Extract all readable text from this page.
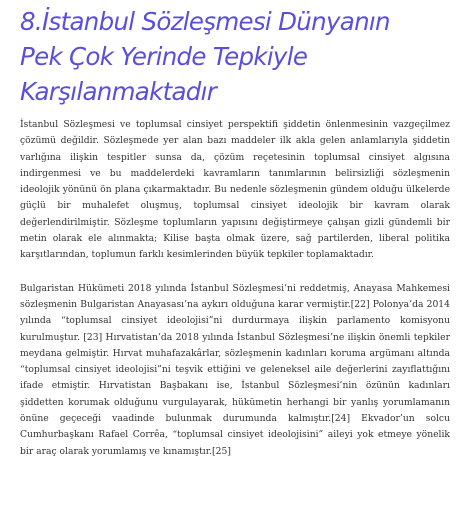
8.İstanbul Sözleşmesi Dünyanın
Pek Çok Yerinde Tepkiyle
Karşılanmaktadır

İstanbul Sözleşmesi ve toplumsal cinsiyet perspektifi şiddetin önlenmesinin vazgeçilmez çözümü değildir. Sözleşmede yer alan bazı maddeler ilk akla gelen anlamlarıyla şiddetin varlığına ilişkin tespitler sunsa da, çözüm reçetesinin toplumsal cinsiyet algısına indirgenmesi ve bu maddelerdeki kavramların tanımlarının belirsizliği sözleşmenin ideolojik yönünü ön plana çıkarmaktadır. Bu nedenle sözleşmenin gündem olduğu ülkelerde güçlü bir muhalefet oluşmuş, toplumsal cinsiyet ideolojik bir kavram olarak değerlendirilmiştir. Sözleşme toplumların yapısını değiştirmeye çalışan gizli gündemli bir metin olarak ele alınmakta; Kilise başta olmak üzere, sağ partilerden, liberal politika karşıtlarından, toplumun farklı kesimlerinden büyük tepkiler toplamaktadır.

Bulgaristan Hükümeti 2018 yılında İstanbul Sözleşmesi’ni reddetmiş, Anayasa Mahkemesi sözleşmenin Bulgaristan Anayasası’na aykırı olduğuna karar vermiştir.[22] Polonya’da 2014 yılında “toplumsal cinsiyet ideolojisi”ni durdurmaya ilişkin parlamento komisyonu kurulmuştur. [23] Hırvatistan’da 2018 yılında İstanbul Sözleşmesi’ne ilişkin önemli tepkiler meydana gelmiştir. Hırvat muhafazakârlar, sözleşmenin kadınları koruma argümanı altında “toplumsal cinsiyet ideolojisi”ni teşvik ettiğini ve geleneksel aile değerlerini zayıflattığını ifade etmiştir. Hırvatistan Başbakanı ise, İstanbul Sözleşmesi’nin özünün kadınları şiddetten korumak olduğunu vurgulayarak, hükümetin herhangi bir yanlış yorumlamanın önüne geçeceği vaadinde bulunmak durumunda kalmıştır.[24] Ekvador’un solcu Cumhurbaşkanı Rafael Corrêa, “toplumsal cinsiyet ideolojisini” aileyi yok etmeye yönelik bir araç olarak yorumlamış ve kınamıştır.[25]
